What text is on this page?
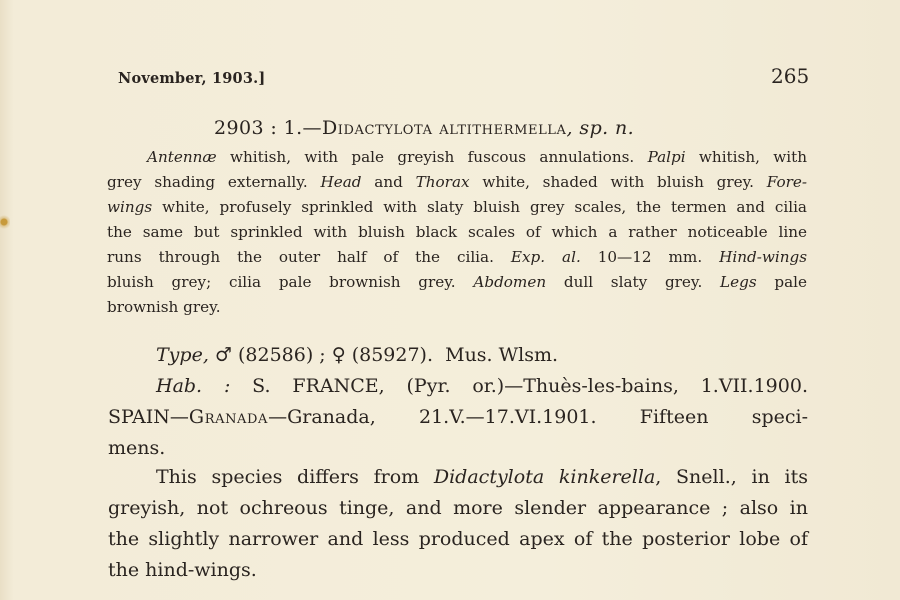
November, 1903.]	265
2903 : 1.—Didactylota altithermella, sp. n.
Antennæ whitish, with pale greyish fuscous annulations. Palpi whitish, with
grey shading externally. Head and Thorax white, shaded with bluish grey. Fore-
wings white, profusely sprinkled with slaty bluish grey scales, the termen and cilia
the same but sprinkled with bluish black scales of which a rather noticeable line
runs through the outer half of the cilia. Exp. al. 10—12 mm. Hind-wings
bluish grey; cilia pale brownish grey. Abdomen dull slaty grey. Legs pale
brownish grey.
Type, ♂ (82586) ; ♀ (85927). Mus. Wlsm.
Hab. : S. FRANCE, (Pyr. or.)—Thuès-les-bains, 1.VII.1900.
SPAIN—Granada—Granada, 21.V.—17.VI.1901. Fifteen speci-
mens.
This species differs from Didactylota kinkerella, Snell., in its
greyish, not ochreous tinge, and more slender appearance ; also in
the slightly narrower and less produced apex of the posterior lobe of
the hind-wings.
